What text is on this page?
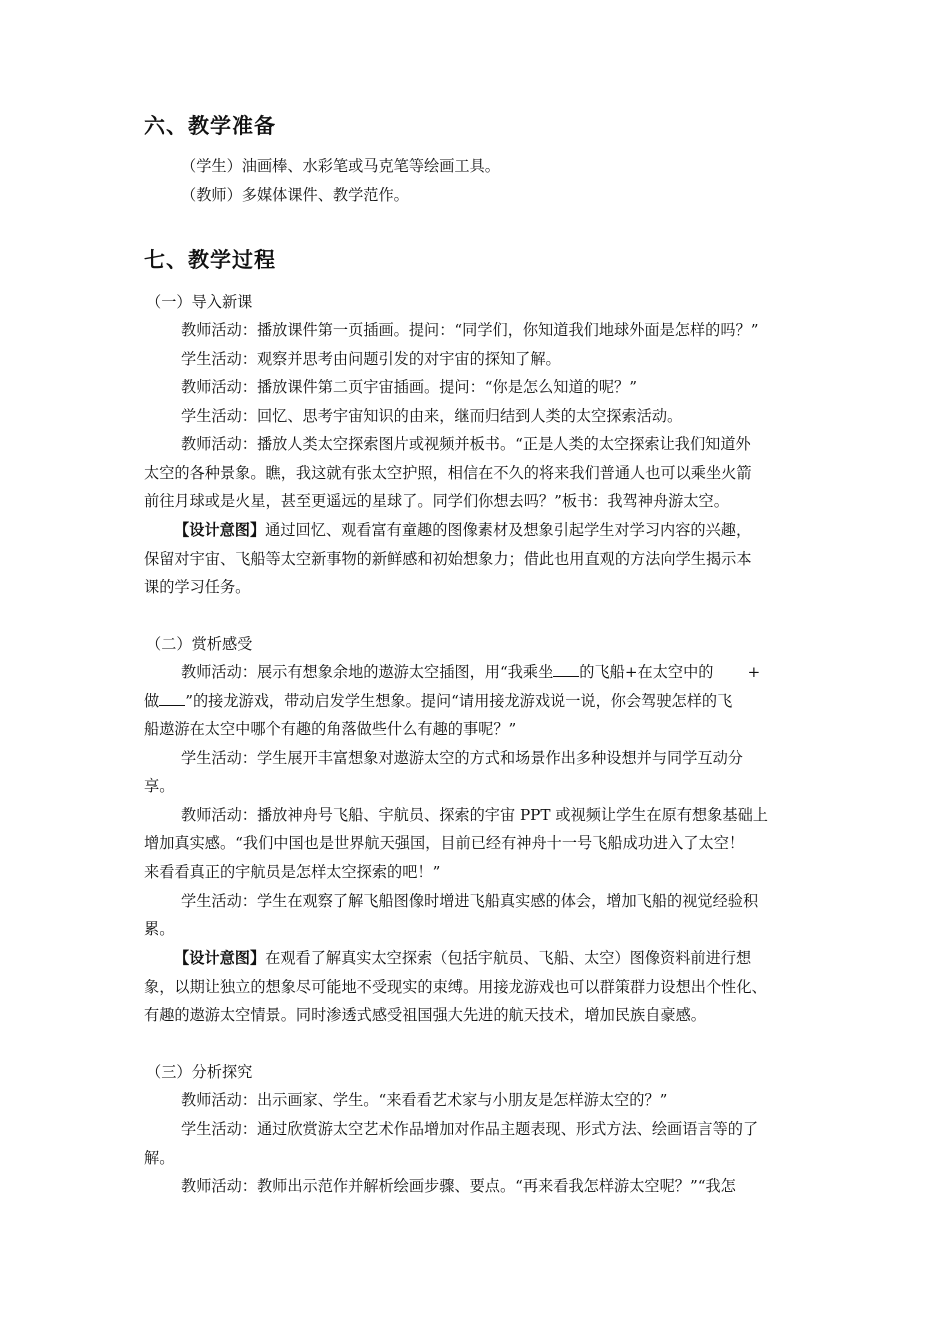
六、教学准备
（学生）油画棒、水彩笔或马克笔等绘画工具。
（教师）多媒体课件、教学范作。
七、教学过程
（一）导入新课
教师活动：播放课件第一页插画。提问：“同学们，你知道我们地球外面是怎样的吗？”
学生活动：观察并思考由问题引发的对宇宙的探知了解。
教师活动：播放课件第二页宇宙插画。提问：“你是怎么知道的呢？”
学生活动：回忆、思考宇宙知识的由来，继而归结到人类的太空探索活动。
教师活动：播放人类太空探索图片或视频并板书。“正是人类的太空探索让我们知道外
太空的各种景象。瞧，我这就有张太空护照，相信在不久的将来我们普通人也可以乘坐火箭
前往月球或是火星，甚至更遥远的星球了。同学们你想去吗？”板书：我驾神舟游太空。
【设计意图】通过回忆、观看富有童趣的图像素材及想象引起学生对学习内容的兴趣，
保留对宇宙、飞船等太空新事物的新鲜感和初始想象力；借此也用直观的方法向学生揭示本
课的学习任务。
（二）赏析感受
教师活动：展示有想象余地的遨游太空插图，用“我乘坐 的飞船+在太空中的 +
做 ”的接龙游戏，带动启发学生想象。提问“请用接龙游戏说一说，你会驾驶怎样的飞
船遨游在太空中哪个有趣的角落做些什么有趣的事呢？”
学生活动：学生展开丰富想象对遨游太空的方式和场景作出多种设想并与同学互动分
享。
教师活动：播放神舟号飞船、宇航员、探索的宇宙 PPT 或视频让学生在原有想象基础上
增加真实感。“我们中国也是世界航天强国，目前已经有神舟十一号飞船成功进入了太空！
来看看真正的宇航员是怎样太空探索的吧！”
学生活动：学生在观察了解飞船图像时增进飞船真实感的体会，增加飞船的视觉经验积
累。
【设计意图】在观看了解真实太空探索（包括宇航员、飞船、太空）图像资料前进行想
象，以期让独立的想象尽可能地不受现实的束缚。用接龙游戏也可以群策群力设想出个性化、
有趣的遨游太空情景。同时渗透式感受祖国强大先进的航天技术，增加民族自豪感。
（三）分析探究
教师活动：出示画家、学生。“来看看艺术家与小朋友是怎样游太空的？”
学生活动：通过欣赏游太空艺术作品增加对作品主题表现、形式方法、绘画语言等的了
解。
教师活动：教师出示范作并解析绘画步骤、要点。“再来看我怎样游太空呢？”“我怎
